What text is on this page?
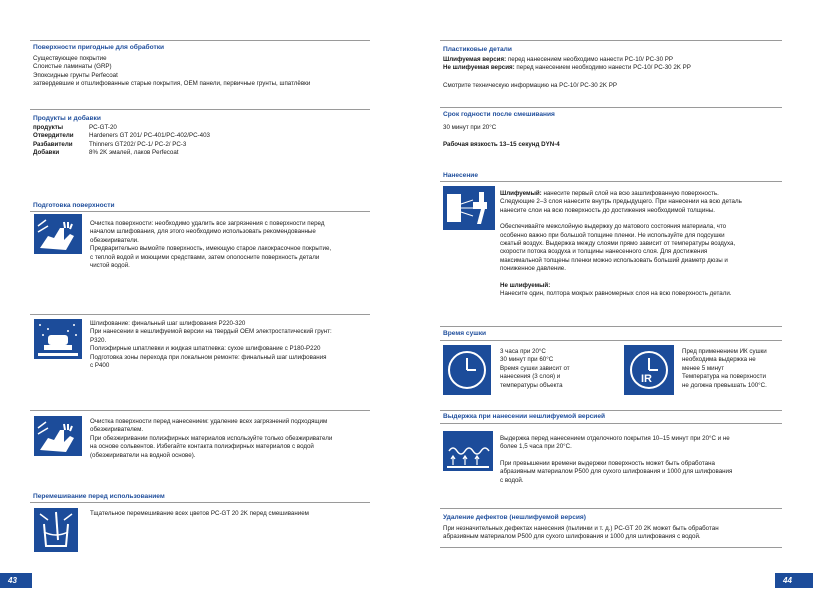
Поверхности пригодные для обработки
Существующее покрытие
Слоистые ламинаты (GRP)
Эпоксидные грунты Perfecoat
затвердевшие и отшлифованные старые покрытия, OEM панели, первичные грунты, шпатлёвки
Продукты и добавки
продукты	PC-GT-20
Отвердители	Hardeners GT 201/ PC-401/PC-402/PC-403
Разбавители	Thinners GT202/ PC-1/ PC-2/ PC-3
Добавки	8% 2K эмалей, лаков Perfecoat
Подготовка поверхности
Очистка поверхности: необходимо удалить все загрязнения с поверхности перед
началом шлифования, для этого необходимо использовать рекомендованные
обезжириватели.
Предварительно вымойте поверхность, имеющую старое лакокрасочное покрытие,
с теплой водой и моющими средствами, затем ополосните поверхность детали
чистой водой.
Шлифование: финальный шаг шлифования P220-320
При нанесении в нешлифуемой версии на твердый OEM электростатический грунт:
P320.
Полиэфирные шпатлевки и жидкая шпатлевка: сухое шлифование с P180-P220
Подготовка зоны перехода при локальном ремонте: финальный шаг шлифования
с P400
Очистка поверхности перед нанесением: удаление всех загрязнений подходящим
обезжиривателем.
При обезжиривании полиэфирных материалов используйте только обезжириватели
на основе сольвентов. Избегайте контакта полиэфирных материалов с водой
(обезжириватели на водной основе).
Перемешивание перед использованием
Тщательное перемешивание всех цветов PC-GT 20 2K перед смешиванием
43
Пластиковые детали
Шлифуемая версия: перед нанесением необходимо нанести PC-10/ PC-30 PP
Не шлифуемая версия: перед нанесением необходимо нанести PC-10/ PC-30 2K PP
Смотрите техническую информацию на PC-10/ PC-30 2K PP
Срок годности после смешивания
30 минут при 20°C
Рабочая вязкость 13–15 секунд DYN-4
Нанесение
Шлифуемый: нанесите первый слой на всю зашлифованную поверхность.
Следующие 2–3 слоя нанесите внутрь предыдущего. При нанесении на всю деталь
нанесите слои на всю поверхность до достижения необходимой толщины.
Обеспечивайте межслойную выдержку до матового состояния материала, что
особенно важно при большой толщине пленки. Не используйте для подсушки
сжатый воздух. Выдержка между слоями прямо зависит от температуры воздуха,
скорости потока воздуха и толщины нанесенного слоя. Для достижения
максимальной толщены пленки можно использовать больший диаметр дюзы и
пониженное давление.
Не шлифуемый:
Нанесите один, полтора мокрых равномерных слоя на всю поверхность детали.
Время сушки
3 часа при 20°C
30 минут при 60°C
Время сушки зависит от
нанесения (3 слоя) и
температуры объекта
IR
Пред применением ИК сушки
необходима выдержка не
менее 5 минут
Температура на поверхности
не должна превышать 100°C.
Выдержка при нанесении нешлифуемой версией
Выдержка перед нанесением отделочного покрытия 10–15 минут при 20°C и не
более 1,5 часа при 20°C.
При превышении времени выдержки поверхность может быть обработана
абразивным материалом P500 для сухого шлифования и 1000 для шлифования
с водой.
Удаление дефектов (нешлифуемой версия)
При незначительных дефектах нанесения (пылинки и т. д.) PC-GT 20 2K может быть обработан
абразивным материалом P500 для сухого шлифования и 1000 для шлифования с водой.
44
